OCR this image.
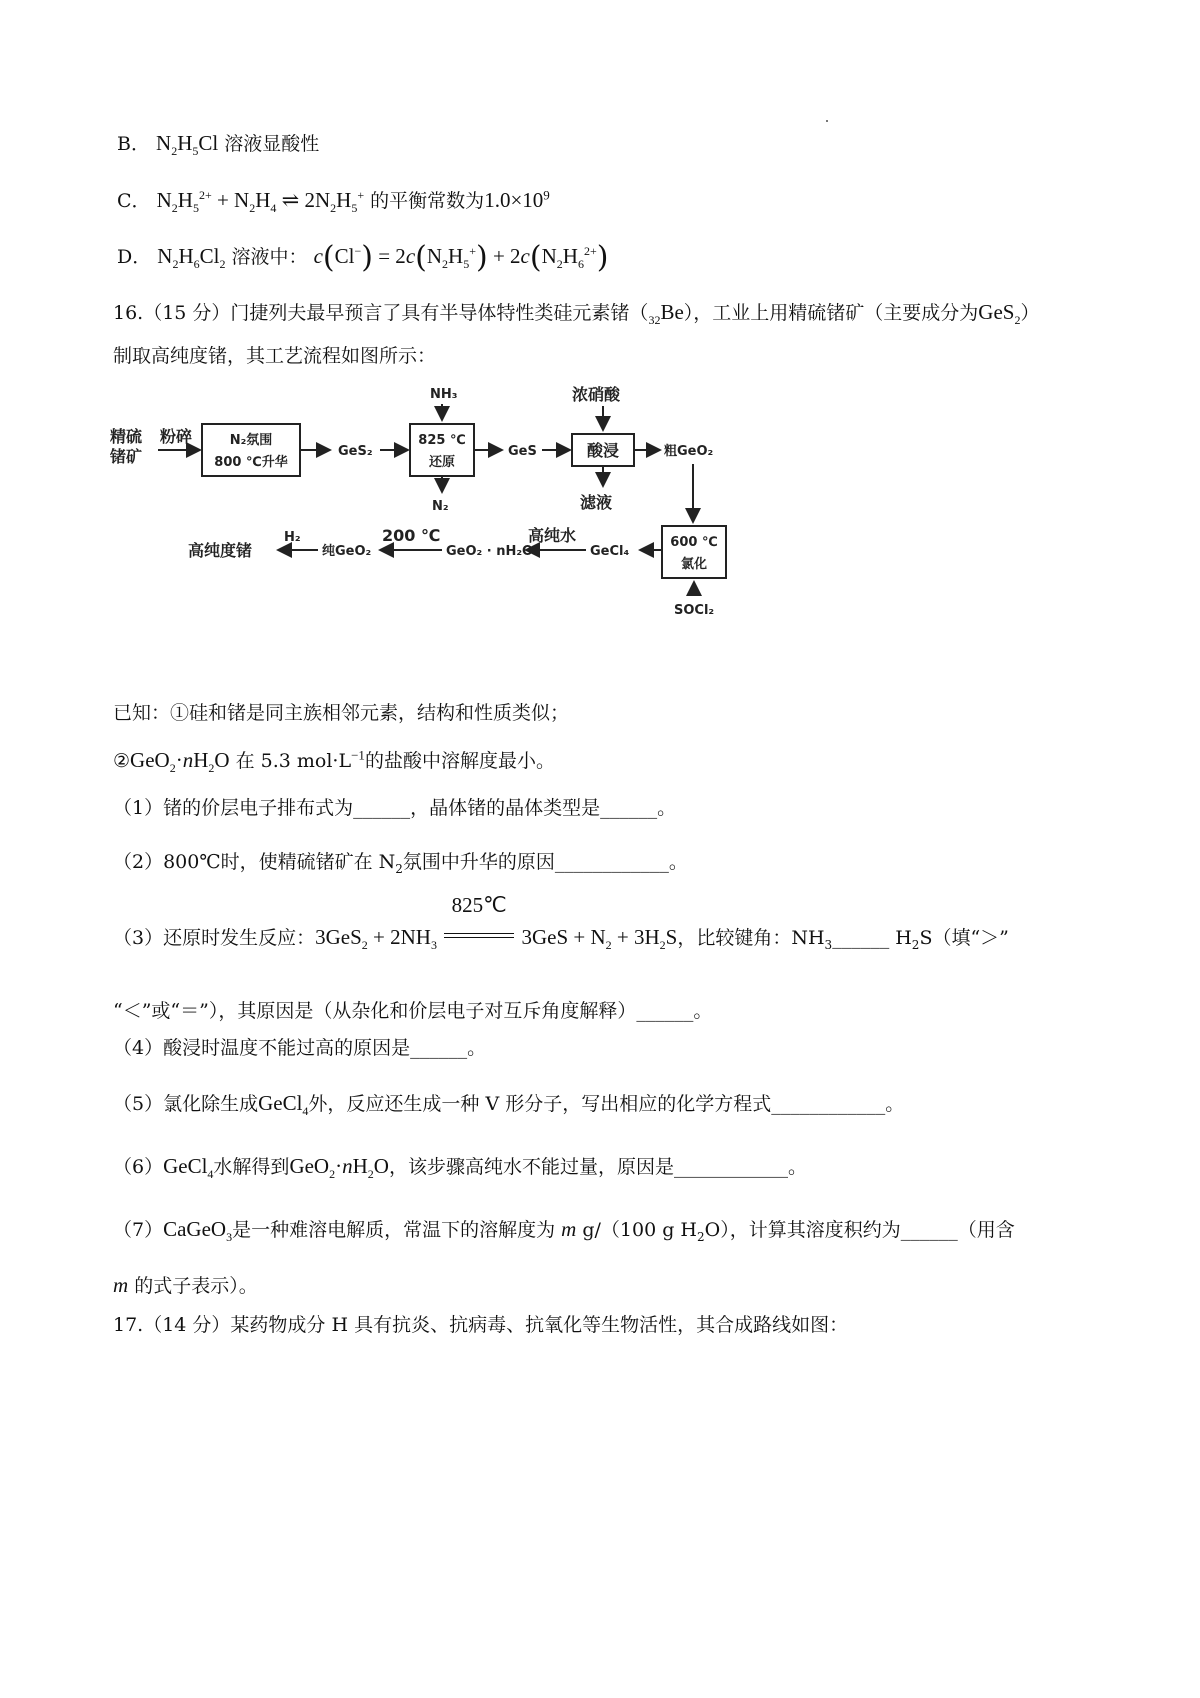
B． $N_2H_5Cl$ 溶液显酸性
C． $N_2H_5^{2+} + N_2H_4$ ⇌ $2N_2H_5^+$ 的平衡常数为$1.0\times 10^9$
D． $N_2H_6Cl_2$ 溶液中： $c(Cl^-) = 2c(N_2H_5^+) + 2c(N_2H_6^{2+})$
16.（15 分）门捷列夫最早预言了具有半导体特性类硅元素锗$(_{32}Be)$，工业上用精硫锗矿（主要成分为GeS$_2$）
制取高纯度锗，其工艺流程如图所示：
精硫
锗矿
粉碎	N₂氛围
800 ℃升华
GeS₂
NH₃
825 ℃
还原
N₂
GeS
浓硝酸
酸浸
滤液
粗GeO₂
600 ℃
氯化
SOCl₂
GeCl₄
高纯水
GeO₂ · nH₂O
200 ℃
纯GeO₂
H₂
高纯度锗
已知：①硅和锗是同主族相邻元素，结构和性质类似；
$②GeO_2\cdot nH_2O$ 在 5.3 $mol\cdot L^{-1}$的盐酸中溶解度最小。
（1）锗的价层电子排布式为______，晶体锗的晶体类型是______。
（2）800℃时，使精硫锗矿在 $N_2$氛围中升华的原因____________。
（3）还原时发生反应：$3GeS_2 + 2NH_3$
825℃
$3GeS + N_2 + 3H_2S$，比较键角：$NH_3\_\_\_\_\_\_$ $H_2S$（填“＞”
“＜”或“＝”），其原因是（从杂化和价层电子对互斥角度解释）______。
（4）酸浸时温度不能过高的原因是______。
（5）氯化除生成GeCl$_4$外，反应还生成一种 V 形分子，写出相应的化学方程式____________。
（6）GeCl$_4$水解得到$GeO_2\cdot nH_2O$，该步骤高纯水不能过量，原因是____________。
（7）CaGeO$_3$是一种难溶电解质，常温下的溶解度为 m g/（100 g $H_2O$），计算其溶度积约为______（用含
m 的式子表示）。
17.（14 分）某药物成分 H 具有抗炎、抗病毒、抗氧化等生物活性，其合成路线如图：
